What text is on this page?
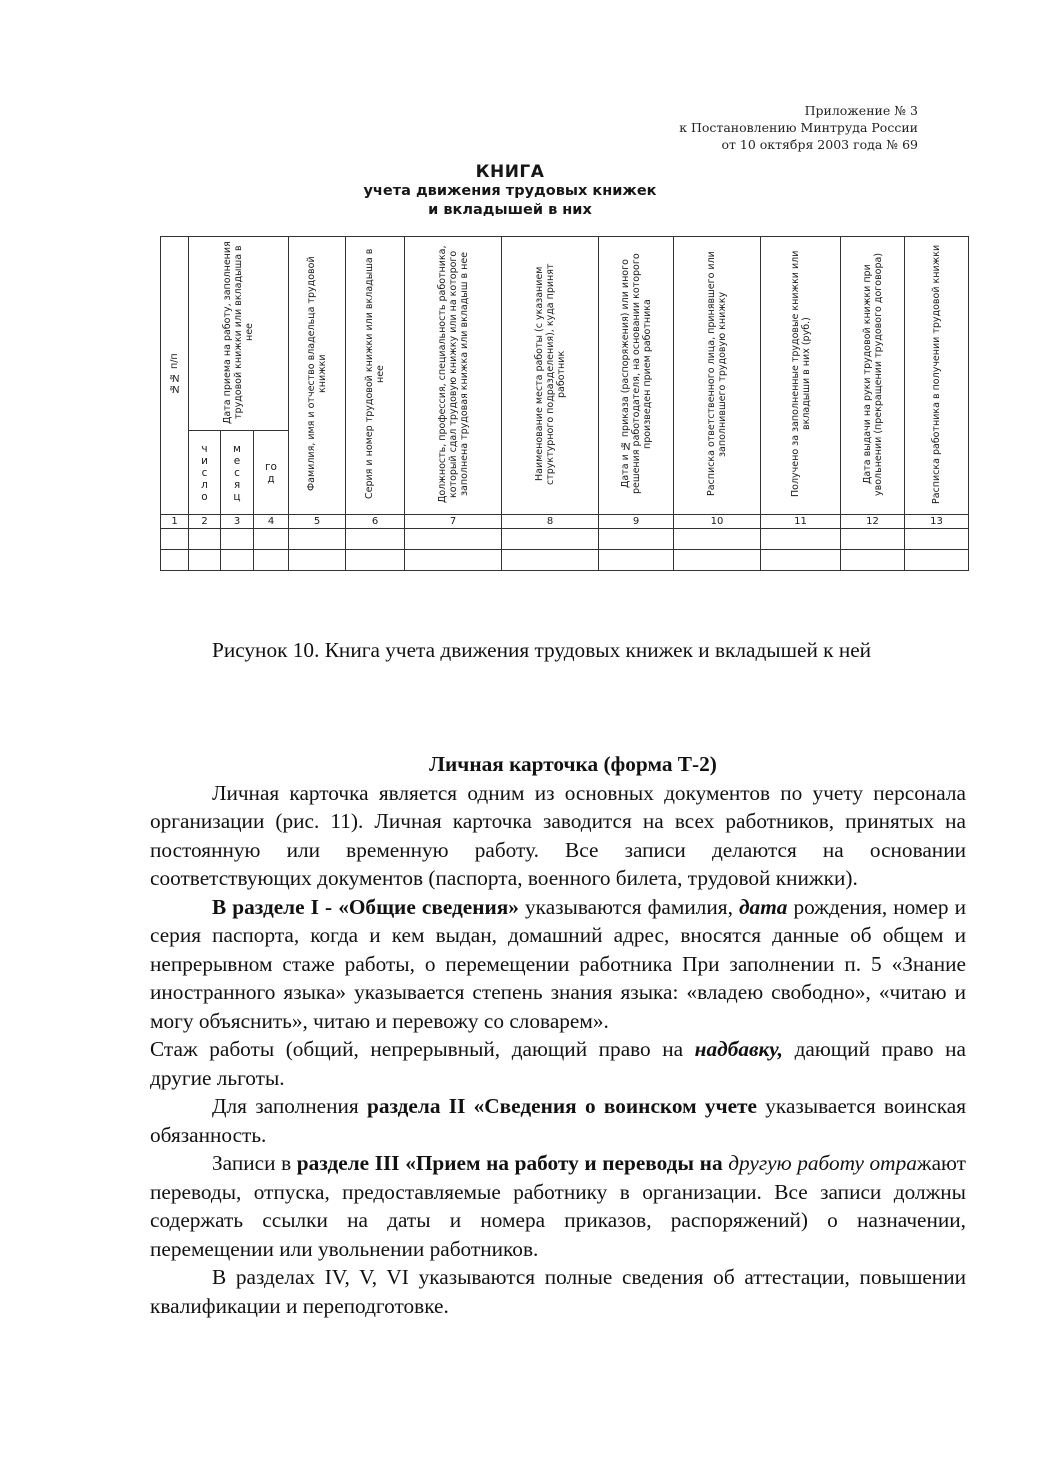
Приложение № 3
к Постановлению Минтруда России
от 10 октября 2003 года № 69
КНИГА
учета движения трудовых книжек
и вкладышей в них
№№ п/п	Дата приема на работу, заполнения трудовой книжки или вкладыша в нее			Фамилия, имя и отчество владельца трудовой книжки	Серия и номер трудовой книжки или вкладыша в нее	Должность, профессия, специальность работника, который сдал трудовую книжку или на которого заполнена трудовая книжка или вкладыш в нее	Наименование места работы (с указанием структурного подразделения), куда принят работник	Дата и № приказа (распоряжения) или иного решения работодателя, на основании которого произведен прием работника	Расписка ответственного лица, принявшего или заполнившего трудовую книжку	Получено за заполненные трудовые книжки или вкладыши в них (руб.)	Дата выдачи на руки трудовой книжки при увольнении (прекращении трудового договора)	Расписка работника в получении трудовой книжки
	число	месяц	год									
1	2	3	4	5	6	7	8	9	10	11	12	13

Рисунок 10. Книга учета движения трудовых книжек и вкладышей к ней

Личная карточка (форма Т-2)

Личная карточка является одним из основных документов по учету персонала организации (рис. 11). Личная карточка заводится на всех работников, принятых на постоянную или временную работу. Все записи делаются на основании соответствующих документов (паспорта, военного билета, трудовой книжки).

В разделе I - «Общие сведения» указываются фамилия, дата рождения, номер и серия паспорта, когда и кем выдан, домашний адрес, вносятся данные об общем и непрерывном стаже работы, о перемещении работника При заполнении п. 5 «Знание иностранного языка» указывается степень знания языка: «владею свободно», «читаю и могу объяснить», читаю и перевожу со словарем».

Стаж работы (общий, непрерывный, дающий право на надбавку, дающий право на другие льготы.

Для заполнения раздела II «Сведения о воинском учете указывается воинская обязанность.

Записи в разделе III «Прием на работу и переводы на другую работу отражают переводы, отпуска, предоставляемые работнику в организации. Все записи должны содержать ссылки на даты и номера приказов, распоряжений) о назначении, перемещении или увольнении работников.

В разделах IV, V, VI указываются полные сведения об аттестации, повышении квалификации и переподготовке.
